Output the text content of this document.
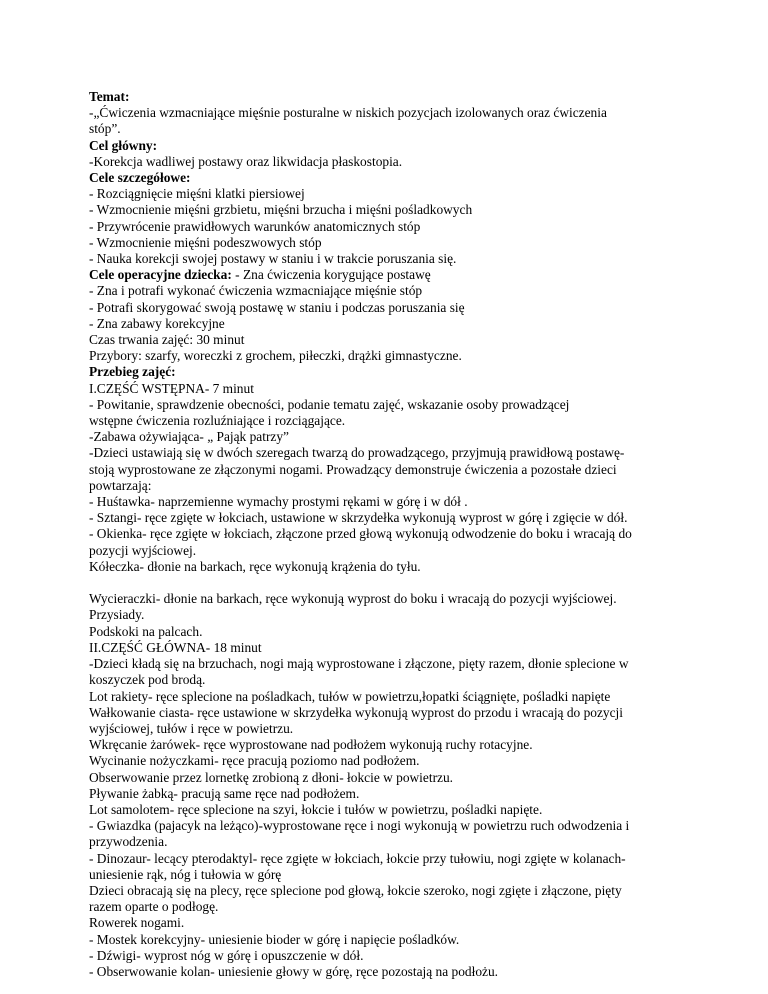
Temat:
-„Ćwiczenia wzmacniające mięśnie posturalne w niskich pozycjach izolowanych oraz ćwiczenia
stóp”.
Cel główny:
-Korekcja wadliwej postawy oraz likwidacja płaskostopia.
Cele szczegółowe:
- Rozciągnięcie mięśni klatki piersiowej
- Wzmocnienie mięśni grzbietu, mięśni brzucha i mięśni pośladkowych
- Przywrócenie prawidłowych warunków anatomicznych stóp
- Wzmocnienie mięśni podeszwowych stóp
- Nauka korekcji swojej postawy w staniu i w trakcie poruszania się.
Cele operacyjne dziecka: - Zna ćwiczenia korygujące postawę
- Zna i potrafi wykonać ćwiczenia wzmacniające mięśnie stóp
- Potrafi skorygować swoją postawę w staniu i podczas poruszania się
- Zna zabawy korekcyjne
Czas trwania zajęć: 30 minut
Przybory: szarfy, woreczki z grochem, piłeczki, drążki gimnastyczne.
Przebieg zajęć:
I.CZĘŚĆ WSTĘPNA- 7 minut
- Powitanie, sprawdzenie obecności, podanie tematu zajęć, wskazanie osoby prowadzącej
wstępne ćwiczenia rozluźniające i rozciągające.
-Zabawa ożywiająca- „ Pająk patrzy”
-Dzieci ustawiają się w dwóch szeregach twarzą do prowadzącego, przyjmują prawidłową postawę-
stoją wyprostowane ze złączonymi nogami. Prowadzący demonstruje ćwiczenia a pozostałe dzieci
powtarzają:
- Huśtawka- naprzemienne wymachy prostymi rękami w górę i w dół .
- Sztangi- ręce zgięte w łokciach, ustawione w skrzydełka wykonują wyprost w górę i zgięcie w dół.
- Okienka- ręce zgięte w łokciach, złączone przed głową wykonują odwodzenie do boku i wracają do
pozycji wyjściowej.
Kółeczka- dłonie na barkach, ręce wykonują krążenia do tyłu.
Wycieraczki- dłonie na barkach, ręce wykonują wyprost do boku i wracają do pozycji wyjściowej.
Przysiady.
Podskoki na palcach.
II.CZĘŚĆ GŁÓWNA- 18 minut
-Dzieci kładą się na brzuchach, nogi mają wyprostowane i złączone, pięty razem, dłonie splecione w
koszyczek pod brodą.
Lot rakiety- ręce splecione na pośladkach, tułów w powietrzu,łopatki ściągnięte, pośladki napięte
Wałkowanie ciasta- ręce ustawione w skrzydełka wykonują wyprost do przodu i wracają do pozycji
wyjściowej, tułów i ręce w powietrzu.
Wkręcanie żarówek- ręce wyprostowane nad podłożem wykonują ruchy rotacyjne.
Wycinanie nożyczkami- ręce pracują poziomo nad podłożem.
Obserwowanie przez lornetkę zrobioną z dłoni- łokcie w powietrzu.
Pływanie żabką- pracują same ręce nad podłożem.
Lot samolotem- ręce splecione na szyi, łokcie i tułów w powietrzu, pośladki napięte.
- Gwiazdka (pajacyk na leżąco)-wyprostowane ręce i nogi wykonują w powietrzu ruch odwodzenia i
przywodzenia.
- Dinozaur- lecący pterodaktyl- ręce zgięte w łokciach, łokcie przy tułowiu, nogi zgięte w kolanach-
uniesienie rąk, nóg i tułowia w górę
Dzieci obracają się na plecy, ręce splecione pod głową, łokcie szeroko, nogi zgięte i złączone, pięty
razem oparte o podłogę.
Rowerek nogami.
- Mostek korekcyjny- uniesienie bioder w górę i napięcie pośladków.
- Dźwigi- wyprost nóg w górę i opuszczenie w dół.
- Obserwowanie kolan- uniesienie głowy w górę, ręce pozostają na podłożu.
